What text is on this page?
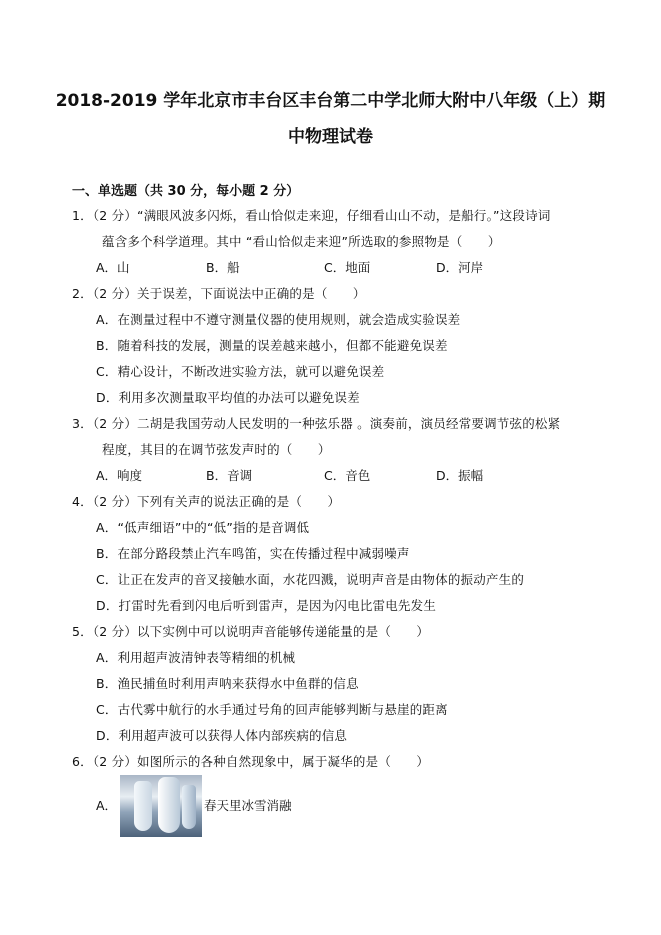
2018-2019 学年北京市丰台区丰台第二中学北师大附中八年级（上）期
中物理试卷
一、单选题（共 30 分，每小题 2 分）
1．（2 分）“满眼风波多闪烁，看山恰似走来迎，仔细看山山不动，是船行。”这段诗词
蕴含多个科学道理。其中 “看山恰似走来迎”所选取的参照物是（　　）
A．山	B．船	C．地面	D．河岸
2．（2 分）关于误差，下面说法中正确的是（　　）
A．在测量过程中不遵守测量仪器的使用规则，就会造成实验误差
B．随着科技的发展，测量的误差越来越小，但都不能避免误差
C．精心设计，不断改进实验方法，就可以避免误差
D．利用多次测量取平均值的办法可以避免误差
3．（2 分）二胡是我国劳动人民发明的一种弦乐器 。演奏前，演员经常要调节弦的松紧
程度，其目的在调节弦发声时的（　　）
A．响度	B．音调	C．音色	D．振幅
4．（2 分）下列有关声的说法正确的是（　　）
A．“低声细语”中的“低”指的是音调低
B．在部分路段禁止汽车鸣笛，实在传播过程中减弱噪声
C．让正在发声的音叉接触水面，水花四溅，说明声音是由物体的振动产生的
D．打雷时先看到闪电后听到雷声，是因为闪电比雷电先发生
5．（2 分）以下实例中可以说明声音能够传递能量的是（　　）
A．利用超声波清钟表等精细的机械
B．渔民捕鱼时利用声呐来获得水中鱼群的信息
C．古代雾中航行的水手通过号角的回声能够判断与悬崖的距离
D．利用超声波可以获得人体内部疾病的信息
6．（2 分）如图所示的各种自然现象中，属于凝华的是（　　）
A．	春天里冰雪消融
